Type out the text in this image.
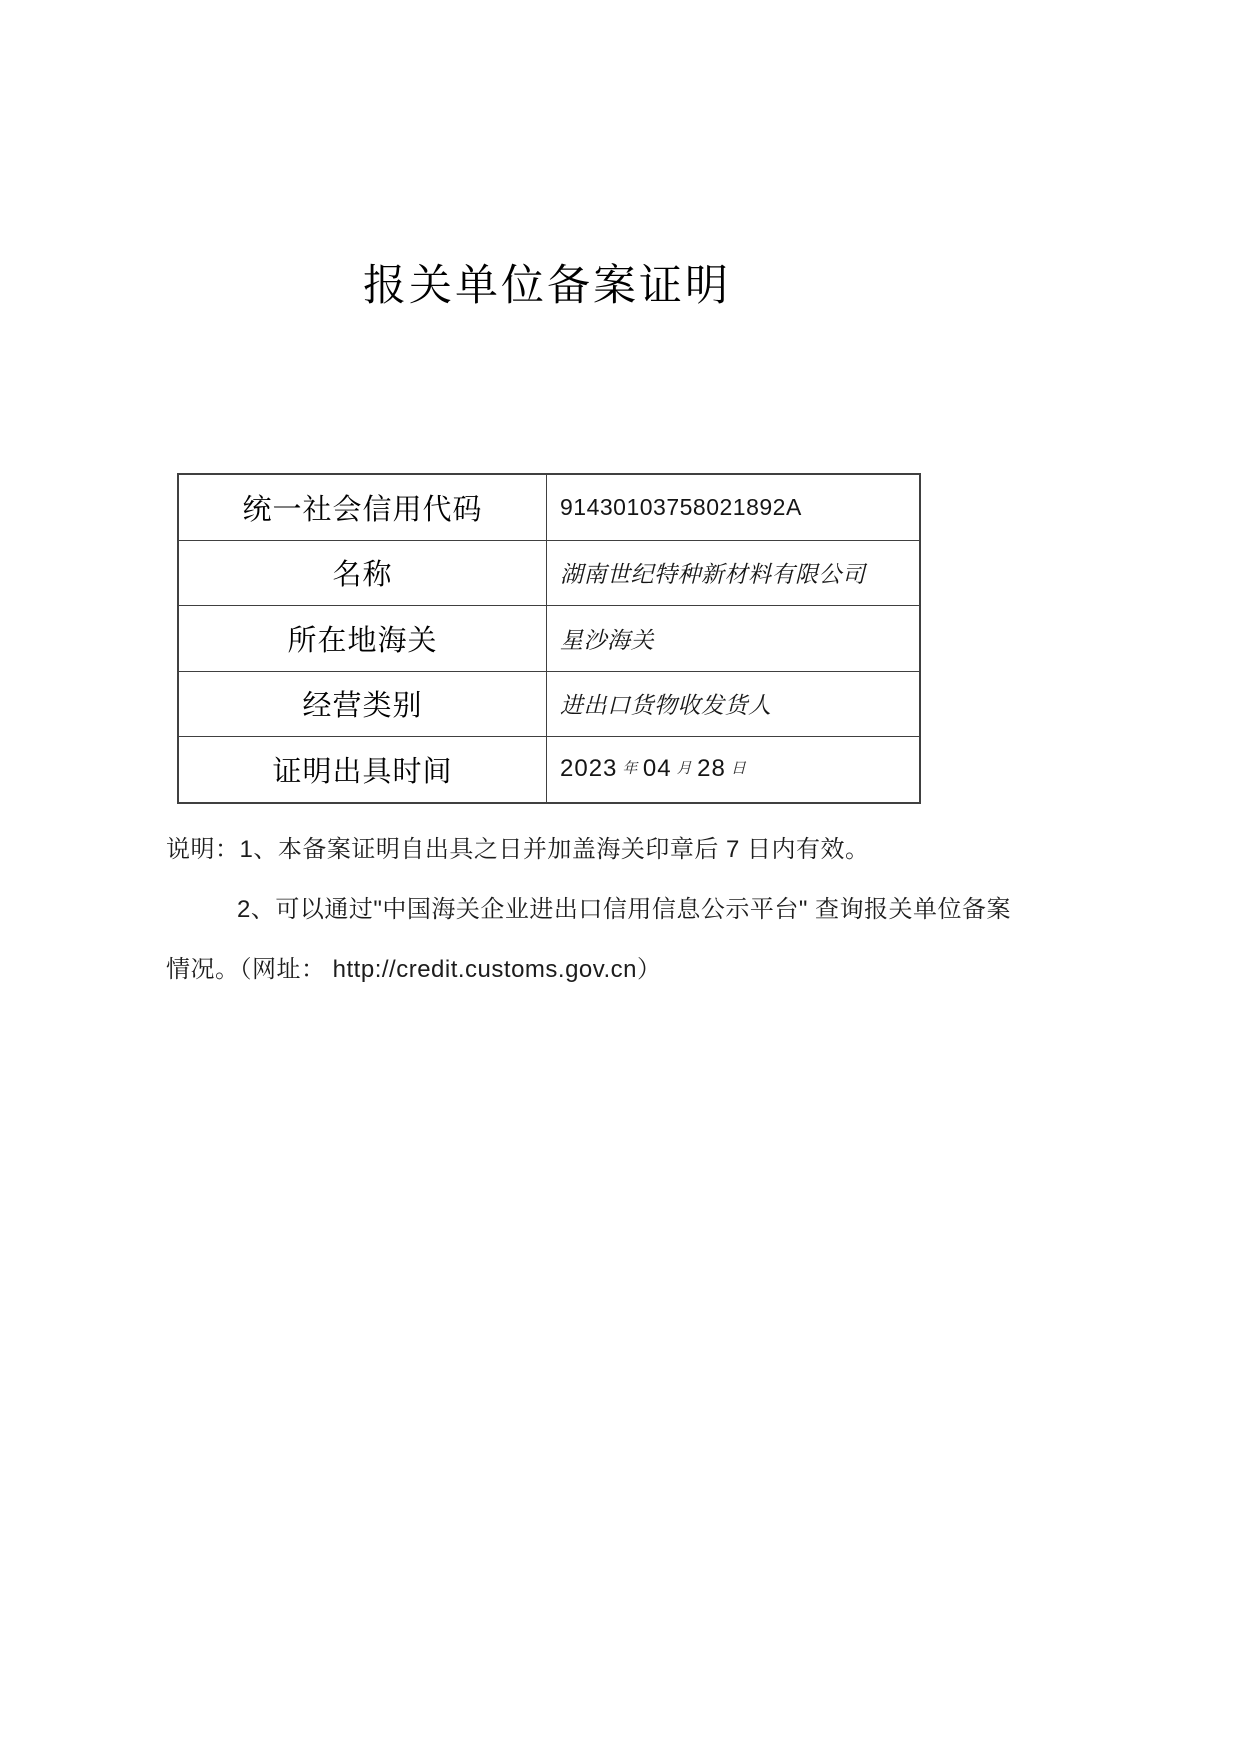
报关单位备案证明
统一社会信用代码	91430103758021892A
名称	湖南世纪特种新材料有限公司
所在地海关	星沙海关
经营类别	进出口货物收发货人
证明出具时间	2023 年 04 月 28 日

说明：1、本备案证明自出具之日并加盖海关印章后 7 日内有效。

2、可以通过"中国海关企业进出口信用信息公示平台" 查询报关单位备案

情况。（网址： http://credit.customs.gov.cn）
